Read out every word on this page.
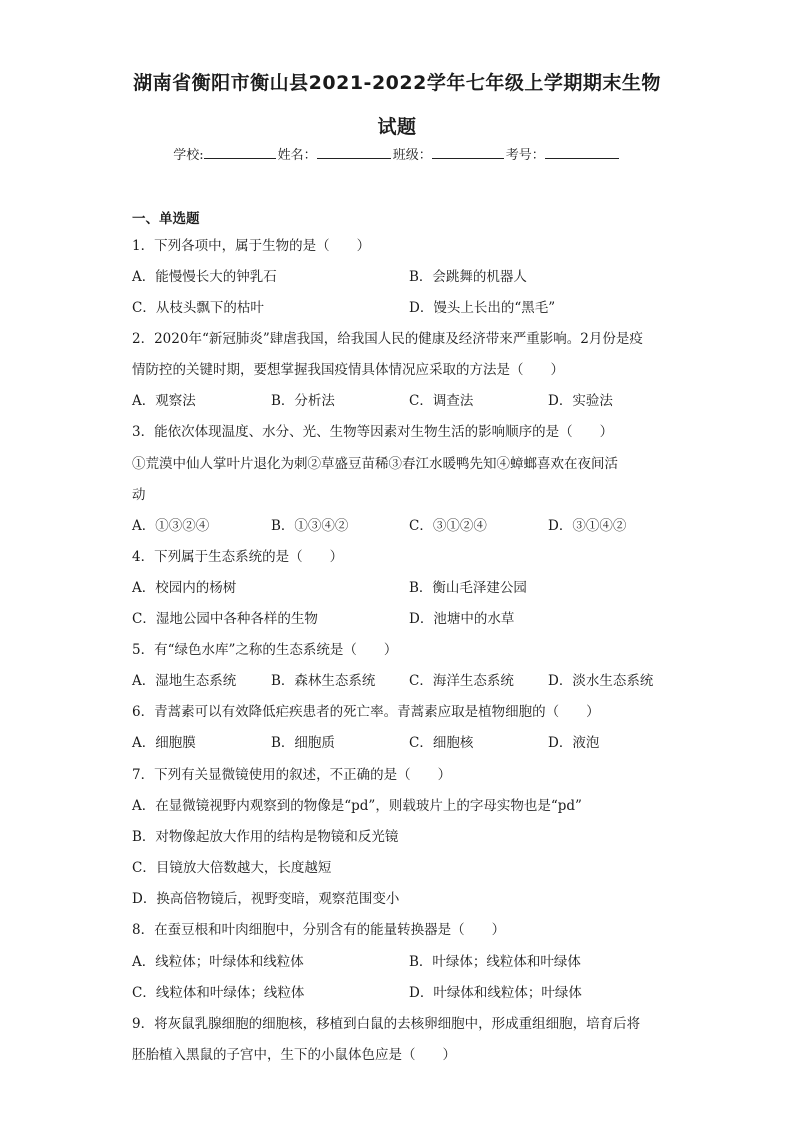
湖南省衡阳市衡山县2021-2022学年七年级上学期期末生物
试题
学校:	姓名：	班级：	考号：
一、单选题
1．下列各项中，属于生物的是（　　）
A．能慢慢长大的钟乳石	B．会跳舞的机器人
C．从枝头飘下的枯叶	D．馒头上长出的“黑毛”
2．2020年“新冠肺炎”肆虐我国，给我国人民的健康及经济带来严重影响。2月份是疫
情防控的关键时期，要想掌握我国疫情具体情况应采取的方法是（　　）
A．观察法	B．分析法	C．调查法	D．实验法
3．能依次体现温度、水分、光、生物等因素对生物生活的影响顺序的是（　　）
①荒漠中仙人掌叶片退化为刺②草盛豆苗稀③春江水暖鸭先知④蟑螂喜欢在夜间活
动
A．①③②④	B．①③④②	C．③①②④	D．③①④②
4．下列属于生态系统的是（　　）
A．校园内的杨树	B．衡山毛泽建公园
C．湿地公园中各种各样的生物	D．池塘中的水草
5．有“绿色水库”之称的生态系统是（　　）
A．湿地生态系统	B．森林生态系统 C．海洋生态系统	D．淡水生态系统
6．青蒿素可以有效降低疟疾患者的死亡率。青蒿素应取是植物细胞的（　　）
A．细胞膜	B．细胞质	C．细胞核	D．液泡
7．下列有关显微镜使用的叙述，不正确的是（　　）
A．在显微镜视野内观察到的物像是“pd”，则载玻片上的字母实物也是“pd”
B．对物像起放大作用的结构是物镜和反光镜
C．目镜放大倍数越大，长度越短
D．换高倍物镜后，视野变暗，观察范围变小
8．在蚕豆根和叶肉细胞中，分别含有的能量转换器是（　　）
A．线粒体；叶绿体和线粒体	B．叶绿体；线粒体和叶绿体
C．线粒体和叶绿体；线粒体	D．叶绿体和线粒体；叶绿体
9．将灰鼠乳腺细胞的细胞核，移植到白鼠的去核卵细胞中，形成重组细胞，培育后将
胚胎植入黑鼠的子宫中，生下的小鼠体色应是（　　）
